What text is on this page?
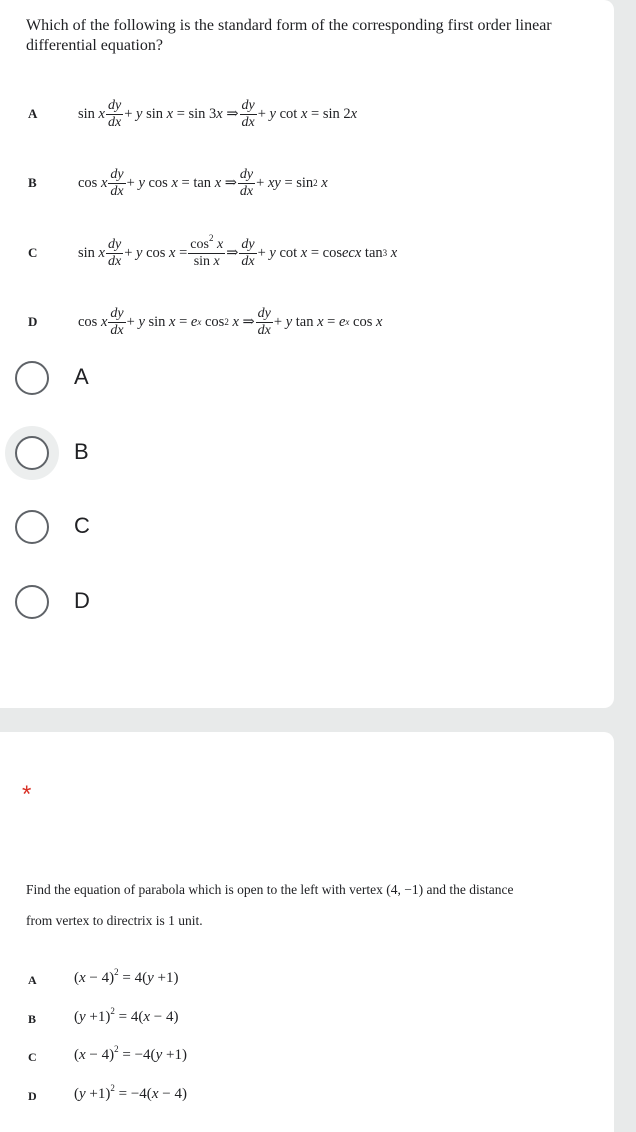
Which of the following is the standard form of the corresponding first order linear differential equation?
A	sin x $\frac{dy}{dx} + y$ sin x = sin 3 x ⇒ $\frac{dy}{dx} + y$ cot x = sin 2 x
B	cos x $\frac{dy}{dx} + y$ cos x = tan x ⇒ $\frac{dy}{dx}$ + xy = sin 2
x
C	sin x $\frac{dy}{dx} + y$ $\cos x = \frac{\cos^2 x}{\text{sin x}}$ ⇒ $\frac{dy}{dx} + y$ cot x = cos ecx tan 3
x
D	cos x $\frac{dy}{dx} + y$ sin x = e x cos 2
x ⇒ $\frac{dy}{dx} + y$ tan x = e x cos x
A
B
C
D
*
Find the equation of parabola which is open to the left with vertex (4, −1) and the distance
from vertex to directrix is 1 unit.
A $(x - 4)^2 = 4(y +1)$
B	$(y +1)^2 = 4(x - 4)$
C $(x - 4)^2 = -4(y +1)$
D $(y +1)^2 = -4(x - 4)$
